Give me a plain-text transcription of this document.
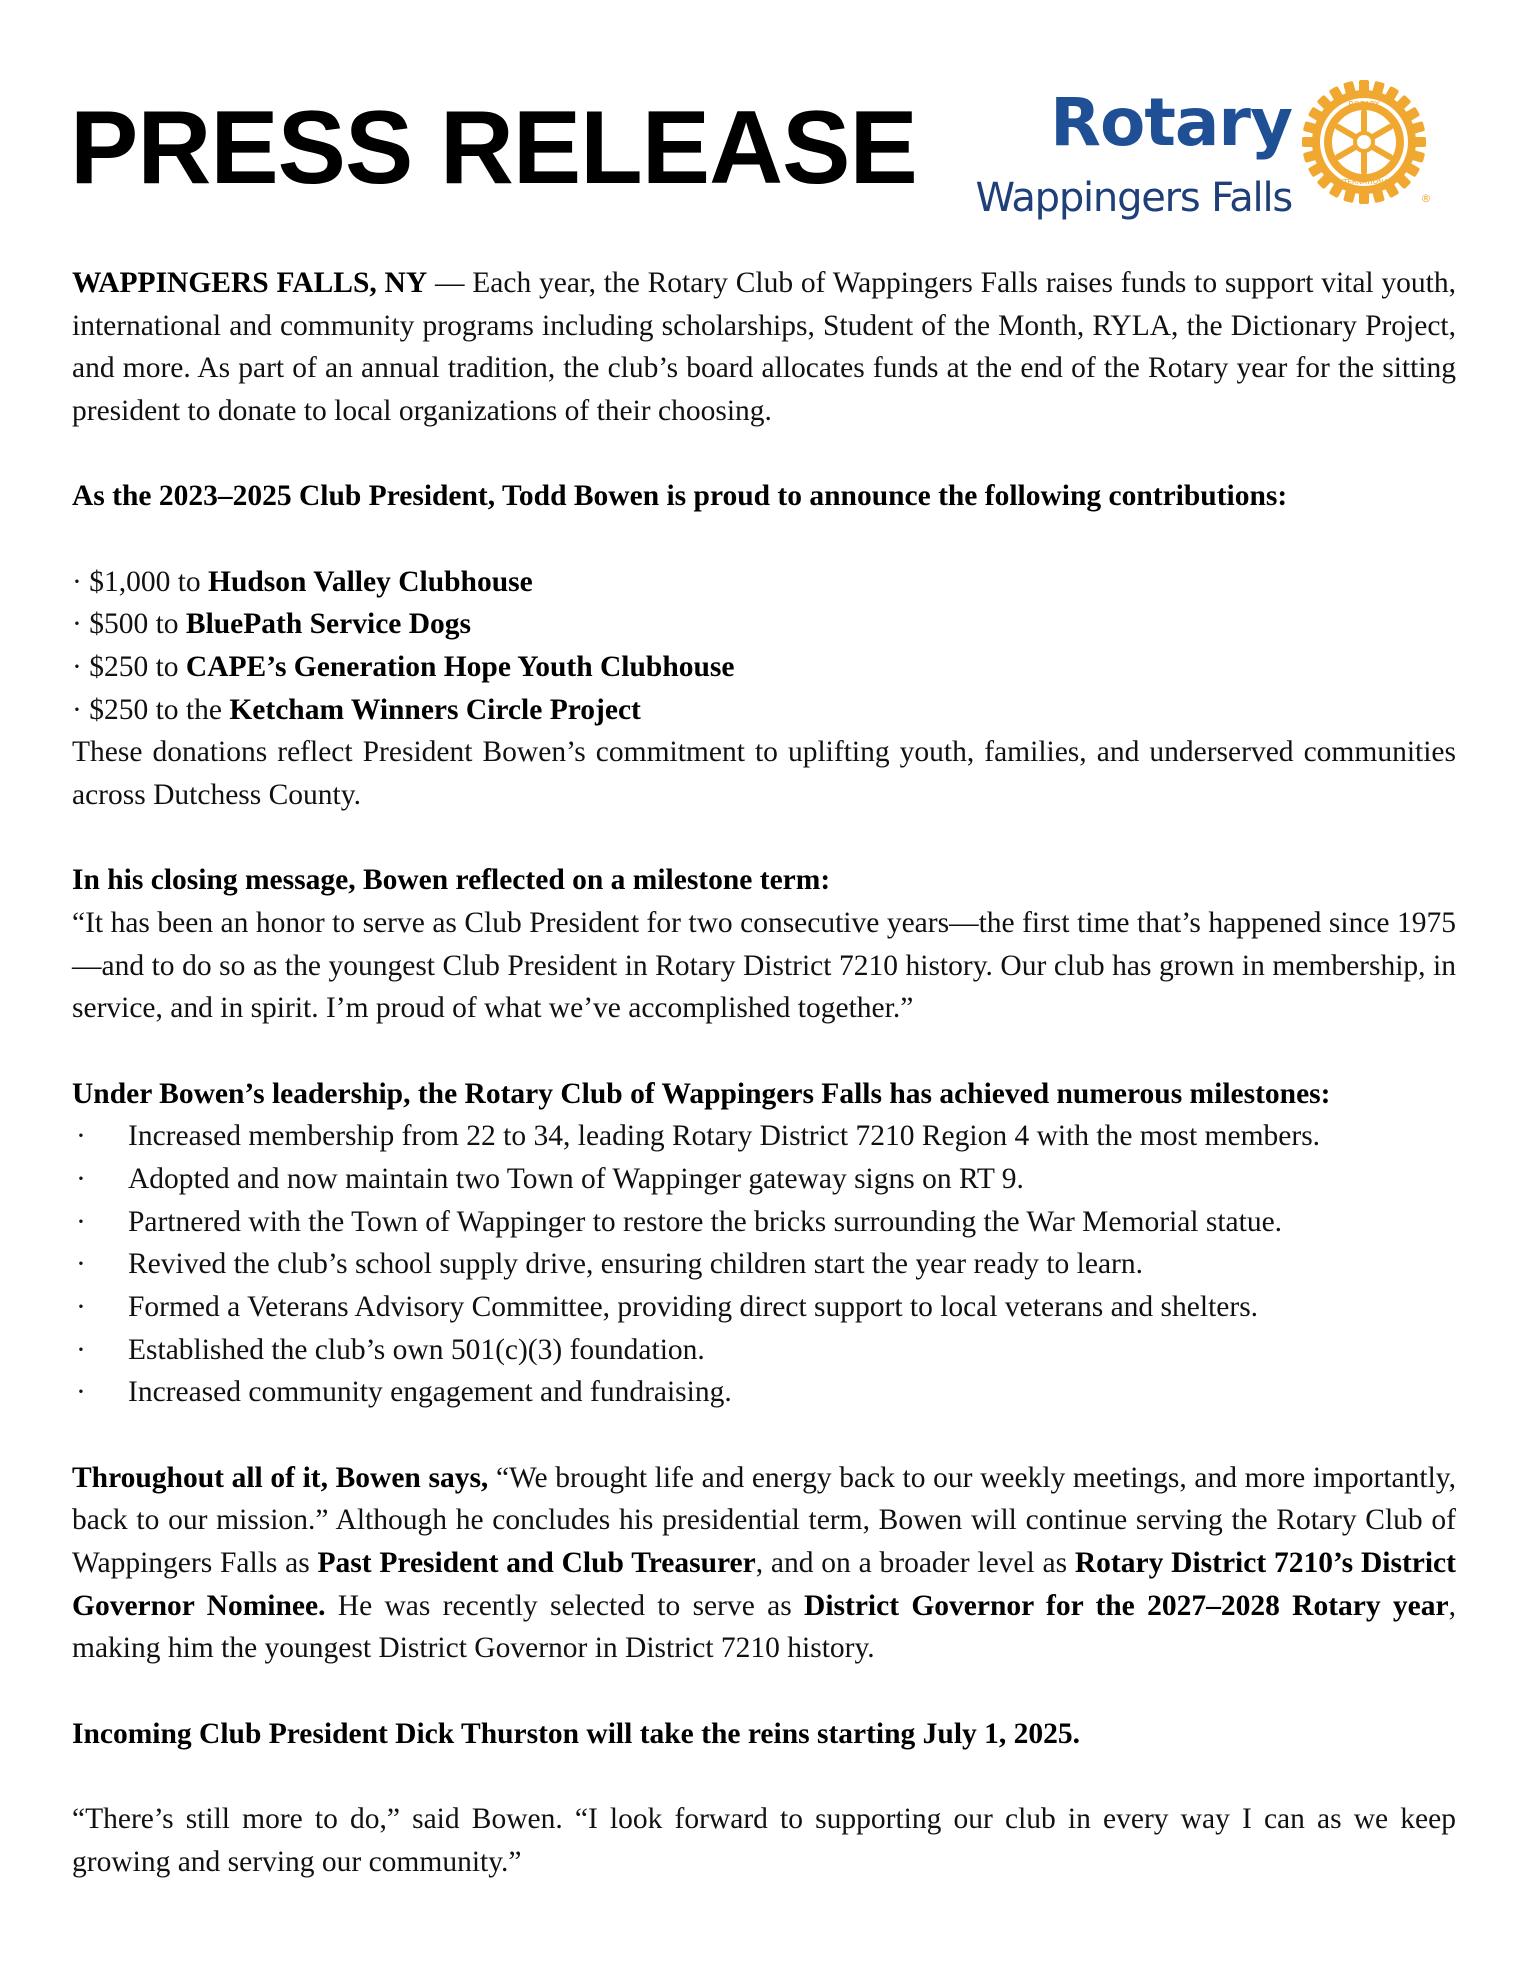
PRESS RELEASE Rotary
Wappingers Falls
ROTARY
INTERNATIONAL
®

WAPPINGERS FALLS, NY — Each year, the Rotary Club of Wappingers Falls raises funds to support vital youth, international and community programs including scholarships, Student of the Month, RYLA, the Dictionary Project, and more. As part of an annual tradition, the club’s board allocates funds at the end of the Rotary year for the sitting president to donate to local organizations of their choosing.

As the 2023–2025 Club President, Todd Bowen is proud to announce the following contributions:

· $1,000 to Hudson Valley Clubhouse
· $500 to BluePath Service Dogs
· $250 to CAPE’s Generation Hope Youth Clubhouse
· $250 to the Ketcham Winners Circle Project

These donations reflect President Bowen’s commitment to uplifting youth, families, and underserved communities across Dutchess County.

In his closing message, Bowen reflected on a milestone term:

“It has been an honor to serve as Club President for two consecutive years—the first time that’s happened since 1975—and to do so as the youngest Club President in Rotary District 7210 history. Our club has grown in membership, in service, and in spirit. I’m proud of what we’ve accomplished together.”

Under Bowen’s leadership, the Rotary Club of Wappingers Falls has achieved numerous milestones:

· Increased membership from 22 to 34, leading Rotary District 7210 Region 4 with the most members.
· Adopted and now maintain two Town of Wappinger gateway signs on RT 9.
· Partnered with the Town of Wappinger to restore the bricks surrounding the War Memorial statue.
· Revived the club’s school supply drive, ensuring children start the year ready to learn.
· Formed a Veterans Advisory Committee, providing direct support to local veterans and shelters.
· Established the club’s own 501(c)(3) foundation.
· Increased community engagement and fundraising.

Throughout all of it, Bowen says, “We brought life and energy back to our weekly meetings, and more importantly, back to our mission.” Although he concludes his presidential term, Bowen will continue serving the Rotary Club of Wappingers Falls as Past President and Club Treasurer, and on a broader level as Rotary District 7210’s District Governor Nominee. He was recently selected to serve as District Governor for the 2027–2028 Rotary year, making him the youngest District Governor in District 7210 history.

Incoming Club President Dick Thurston will take the reins starting July 1, 2025.

“There’s still more to do,” said Bowen. “I look forward to supporting our club in every way I can as we keep growing and serving our community.”
